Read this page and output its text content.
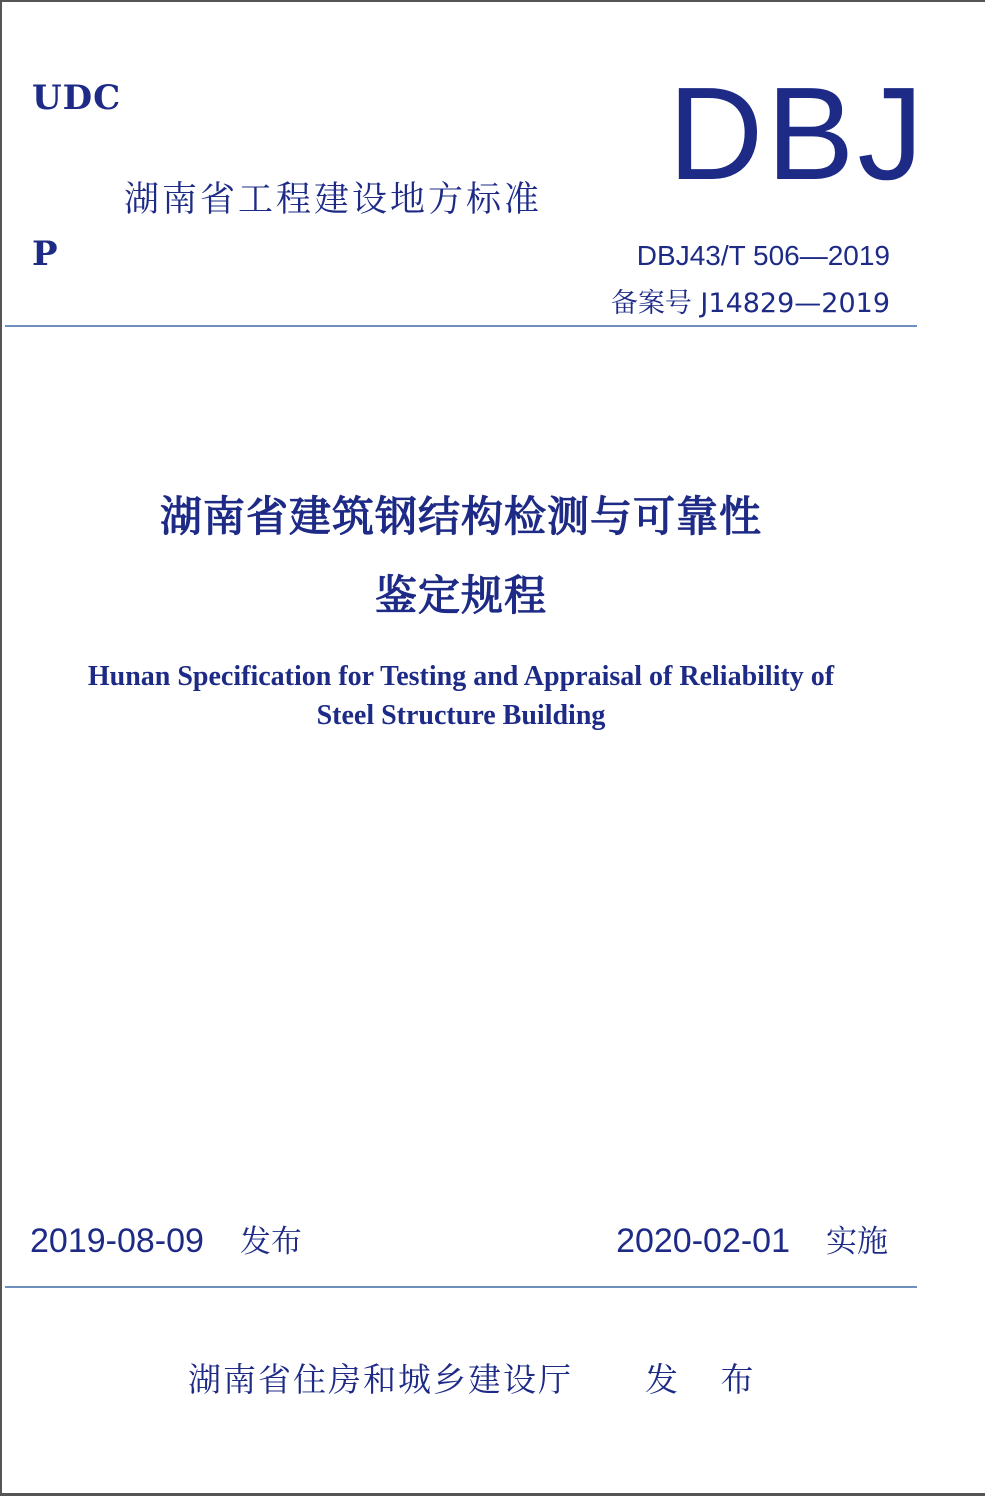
UDC	DBJ
湖南省工程建设地方标准
P	DBJ43/T 506—2019
备案号 J14829—2019
湖南省建筑钢结构检测与可靠性
鉴定规程
Hunan Specification for Testing and Appraisal of Reliability of
Steel Structure Building
2019-08-09 发布	2020-02-01 实施
湖南省住房和城乡建设厅 发 布
